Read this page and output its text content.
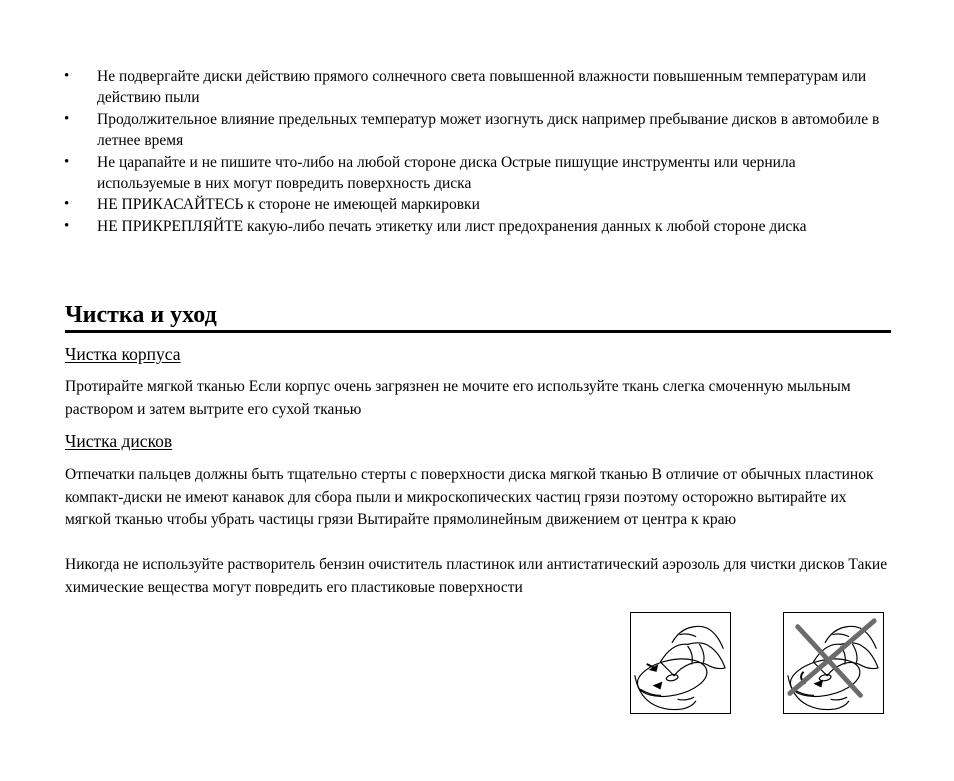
• Не подвергайте диски действию прямого солнечного света повышенной влажности повышенным температурам или действию пыли
• Продолжительное влияние предельных температур может изогнуть диск например пребывание дисков в автомобиле в летнее время
• Не царапайте и не пишите что-либо на любой стороне диска Острые пишущие инструменты или чернила используемые в них могут повредить поверхность диска
• НЕ ПРИКАСАЙТЕСЬ к стороне не имеющей маркировки
• НЕ ПРИКРЕПЛЯЙТЕ какую-либо печать этикетку или лист предохранения данных к любой стороне диска
Чистка и уход
Чистка корпуса

Протирайте мягкой тканью Если корпус очень загрязнен не мочите его используйте ткань слегка смоченную мыльным раствором и затем вытрите его сухой тканью

Чистка дисков

Отпечатки пальцев должны быть тщательно стерты с поверхности диска мягкой тканью В отличие от обычных пластинок компакт-диски не имеют канавок для сбора пыли и микроскопических частиц грязи поэтому осторожно вытирайте их мягкой тканью чтобы убрать частицы грязи Вытирайте прямолинейным движением от центра к краю

Никогда не используйте растворитель бензин очиститель пластинок или антистатический аэрозоль для чистки дисков Такие химические вещества могут повредить его пластиковые поверхности
